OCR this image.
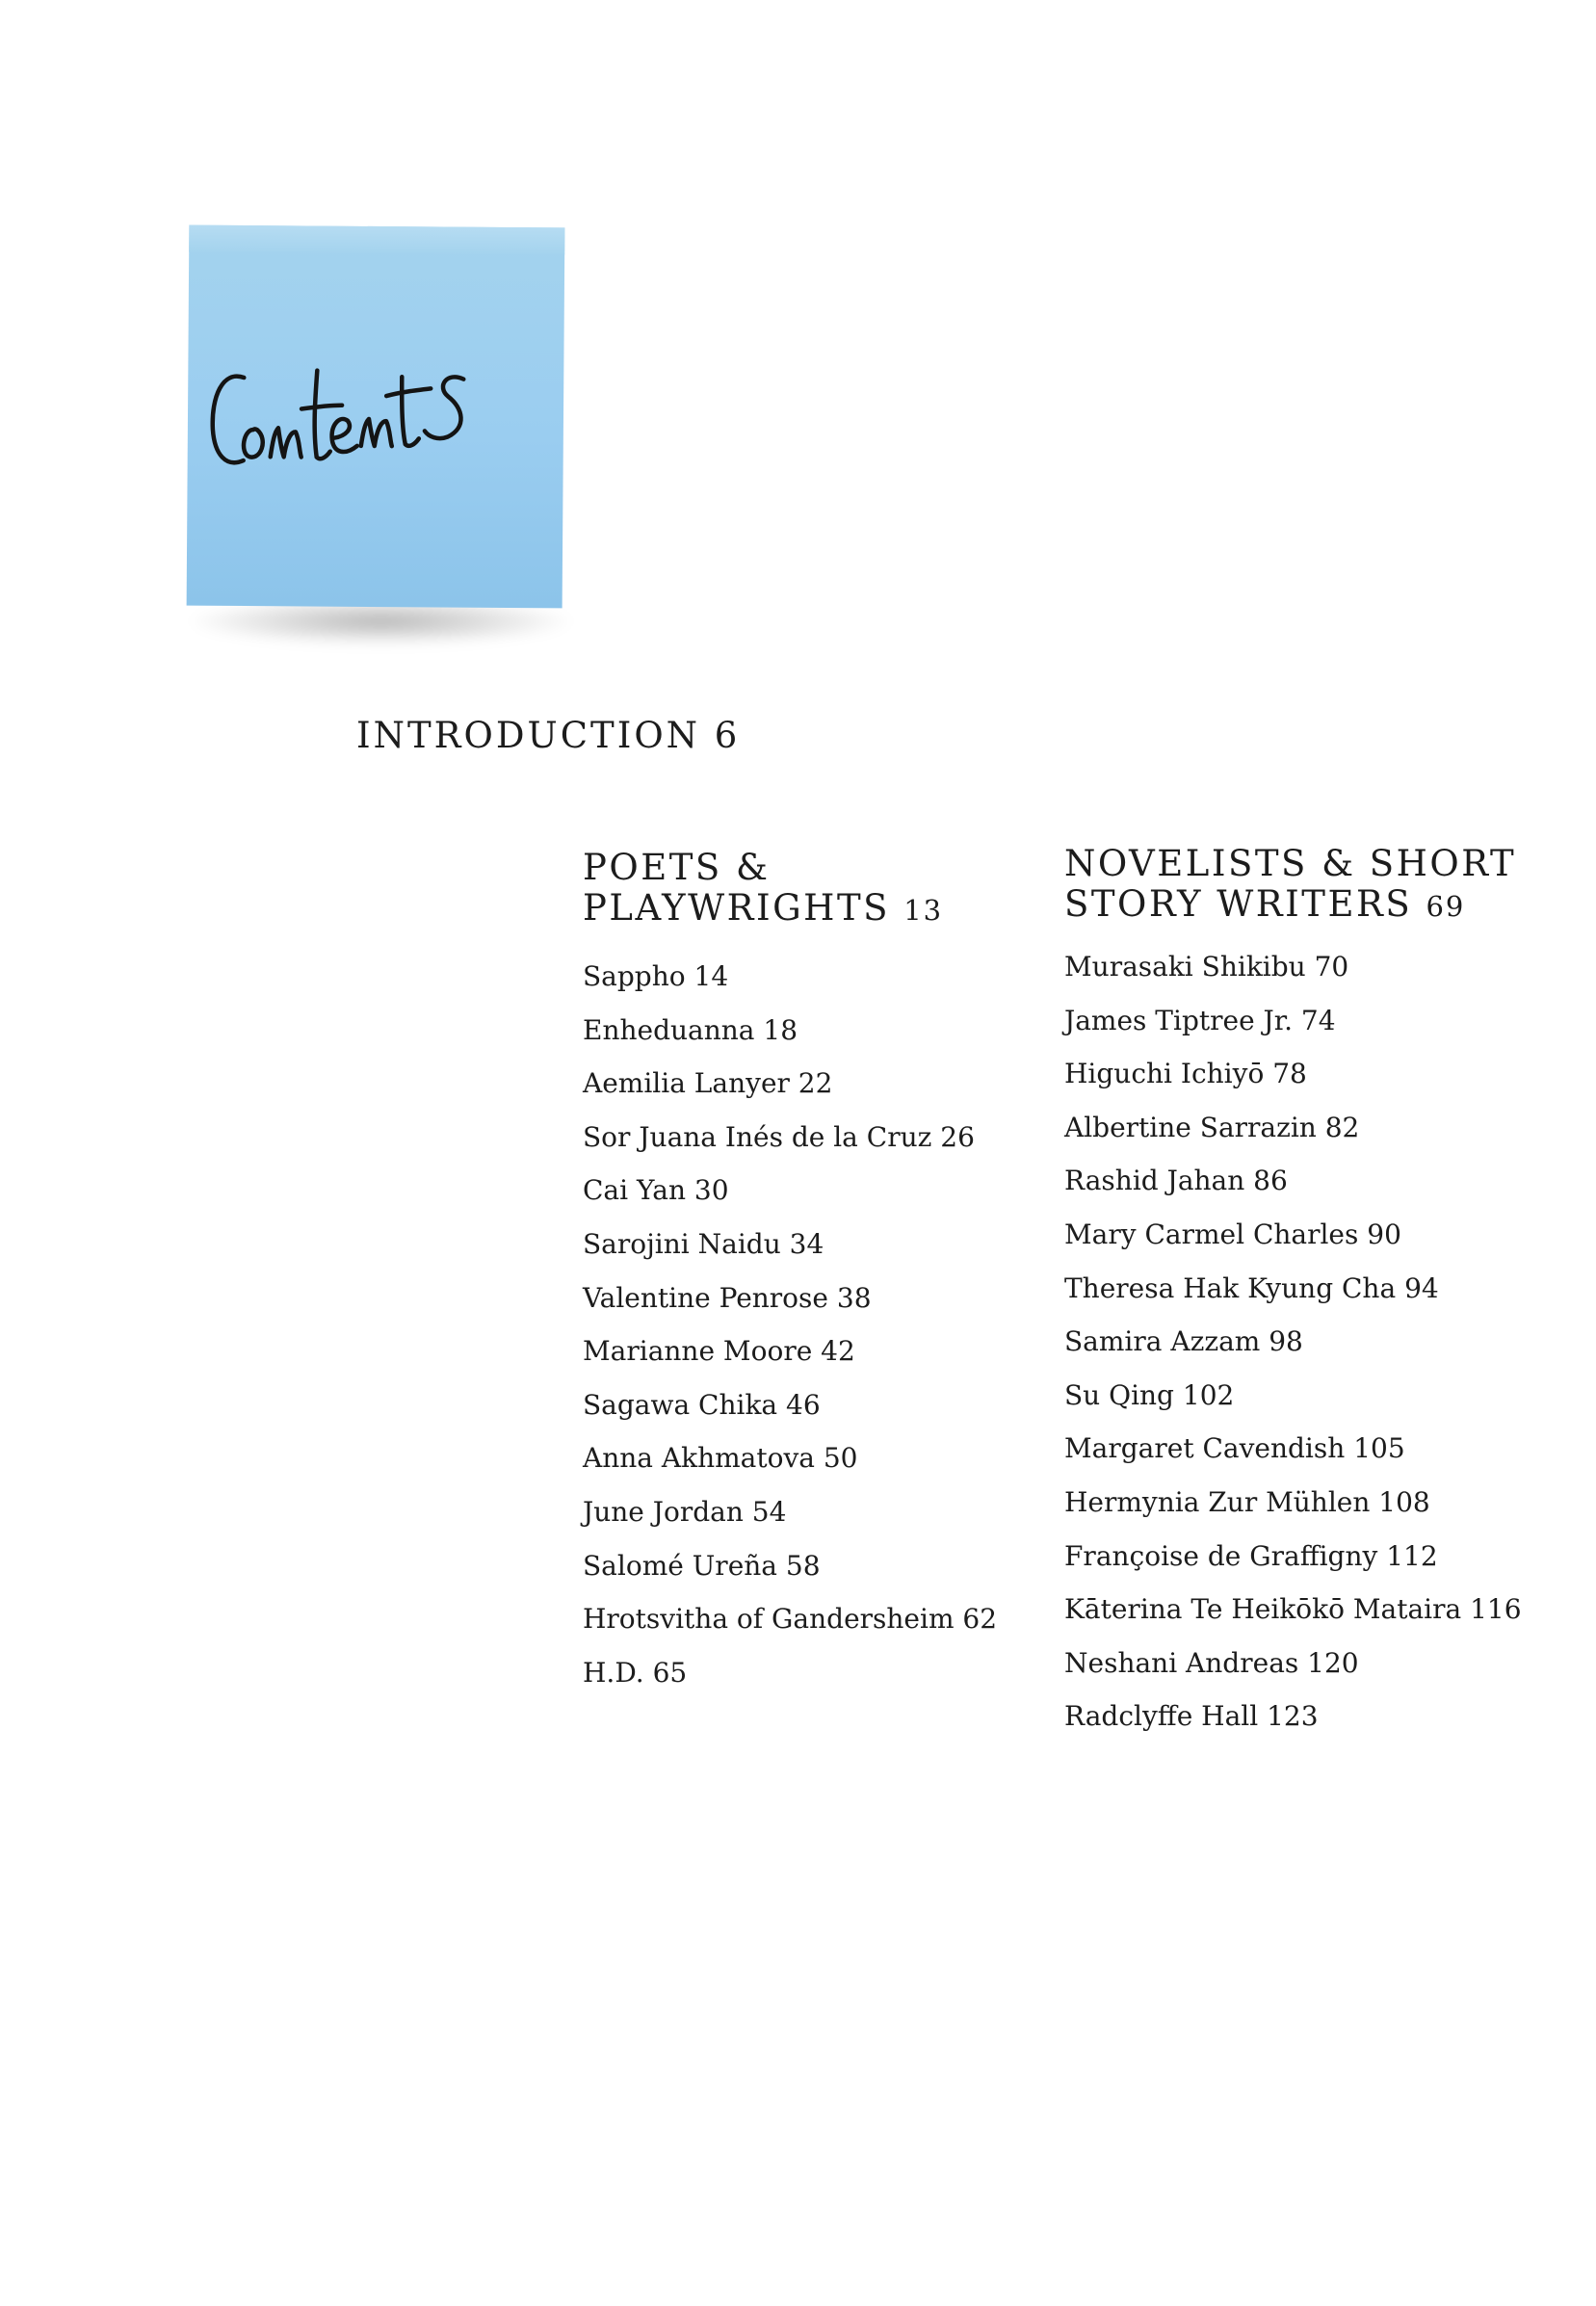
INTRODUCTION 6
POETS &
PLAYWRIGHTS 13
Sappho 14
Enheduanna 18
Aemilia Lanyer 22
Sor Juana Inés de la Cruz 26
Cai Yan 30
Sarojini Naidu 34
Valentine Penrose 38
Marianne Moore 42
Sagawa Chika 46
Anna Akhmatova 50
June Jordan 54
Salomé Ureña 58
Hrotsvitha of Gandersheim 62
H.D. 65
NOVELISTS & SHORT
STORY WRITERS 69
Murasaki Shikibu 70
James Tiptree Jr. 74
Higuchi Ichiyō 78
Albertine Sarrazin 82
Rashid Jahan 86
Mary Carmel Charles 90
Theresa Hak Kyung Cha 94
Samira Azzam 98
Su Qing 102
Margaret Cavendish 105
Hermynia Zur Mühlen 108
Françoise de Graffigny 112
Kāterina Te Heikōkō Mataira 116
Neshani Andreas 120
Radclyffe Hall 123
